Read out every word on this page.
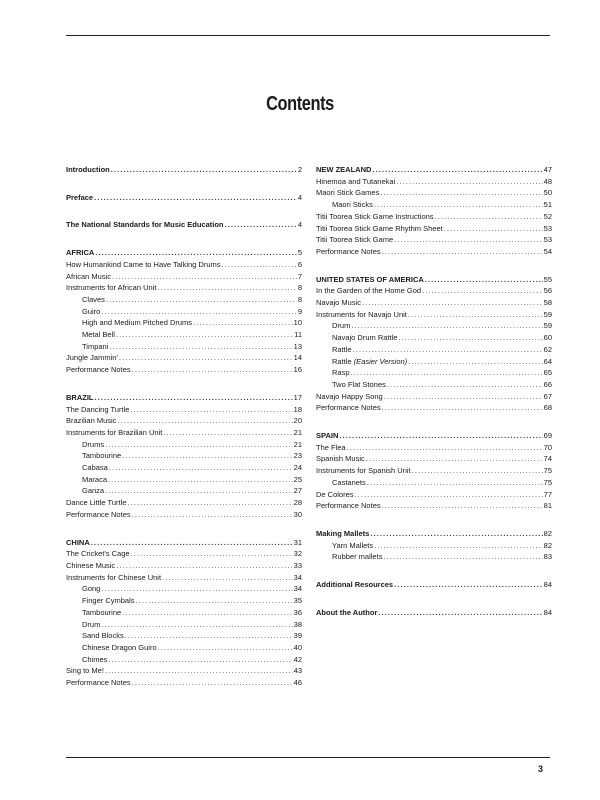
Contents
Introduction . . .	2
Preface . . .	4
The National Standards for Music Education . . .	4
AFRICA . . .	5
How Humankind Came to Have Talking Drums . . .	6
African Music . . .	7
Instruments for African Unit . . .	8
Claves . . .	8
Guiro . . .	9
High and Medium Pitched Drums . . .	10
Metal Bell . . .	11
Timpani . . .	13
Jungle Jammin' . . .	14
Performance Notes . . .	16
BRAZIL . . .	17
The Dancing Turtle . . .	18
Brazilian Music . . .	20
Instruments for Brazilian Unit . . .	21
Drums . . .	21
Tambourine . . .	23
Cabasa . . .	24
Maraca . . .	25
Ganza . . .	27
Dance Little Turtle . . .	28
Performance Notes . . .	30
CHINA . . .	31
The Cricket's Cage . . .	32
Chinese Music . . .	33
Instruments for Chinese Unit . . .	34
Gong . . .	34
Finger Cymbals . . .	35
Tambourine . . .	36
Drum . . .	38
Sand Blocks . . .	39
Chinese Dragon Guiro . . .	40
Chimes . . .	42
Sing to Me! . . .	43
Performance Notes . . .	46
NEW ZEALAND . . .	47
Hinemoa and Tutanekai . . .	48
Maori Stick Games . . .	50
Maori Sticks . . .	51
Titii Toorea Stick Game Instructions . . .	52
Titii Toorea Stick Game Rhythm Sheet . . .	53
Titii Toorea Stick Game . . .	53
Performance Notes . . .	54
UNITED STATES OF AMERICA . . .	55
In the Garden of the Home God . . .	56
Navajo Music . . .	58
Instruments for Navajo Unit . . .	59
Drum . . .	59
Navajo Drum Rattle . . .	60
Rattle . . .	62
Rattle (Easier Version) . . .	64
Rasp . . .	65
Two Flat Stones . . .	66
Navajo Happy Song . . .	67
Performance Notes . . .	68
SPAIN . . .	69
The Flea . . .	70
Spanish Music . . .	74
Instruments for Spanish Unit . . .	75
Castanets . . .	75
De Colores . . .	77
Performance Notes . . .	81
Making Mallets . . .	82
Yarn Mallets . . .	82
Rubber mallets . . .	83
Additional Resources . . .	84
About the Author . . .	84
3
